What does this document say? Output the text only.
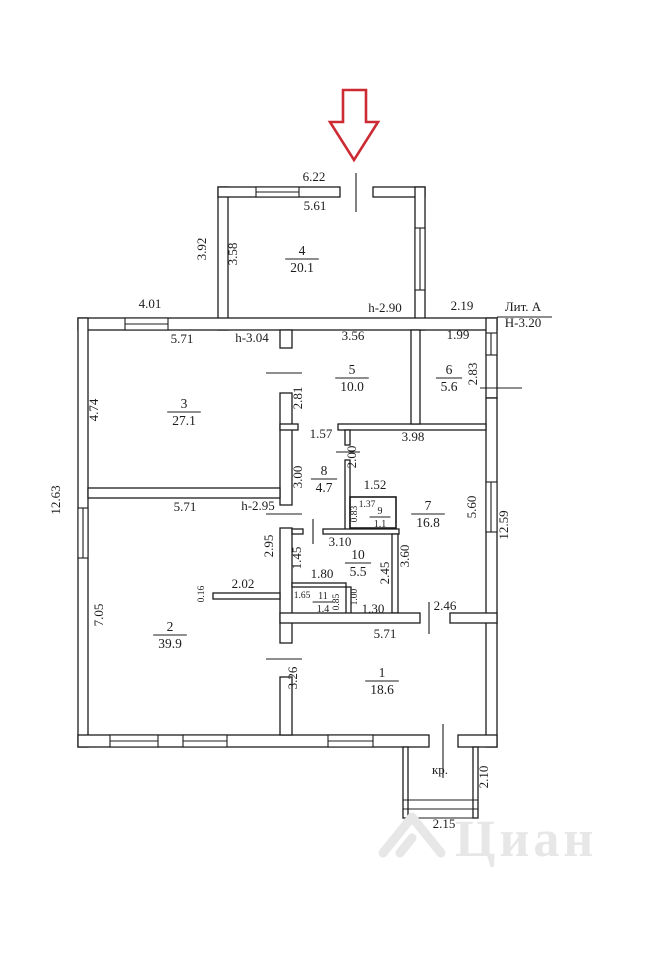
4
20.1
3
27.1
5
10.0
6
5.6
8
4.7
7
16.8
9
1.1
10
5.5
11
1.4
2
39.9
1
18.6
6.22
5.61
3.92 3.58
h-2.90	2.19 Лит. А
Н-3.20
4.01
5.71	h-3.04	3.56	1.99
2.81
2.83
12.63
4.74
1.57	3.98
3.00
2.00
1.52
1.37
0.83	5.60
12.59
h-2.95
5.71
2.95	3.10
1.45
2.45
3.60
1.80
2.02
0.16	1.65 0.85 1.00
1.30	2.46
5.71
7.05
3.26
кр. 2.10
2.15 Циан
